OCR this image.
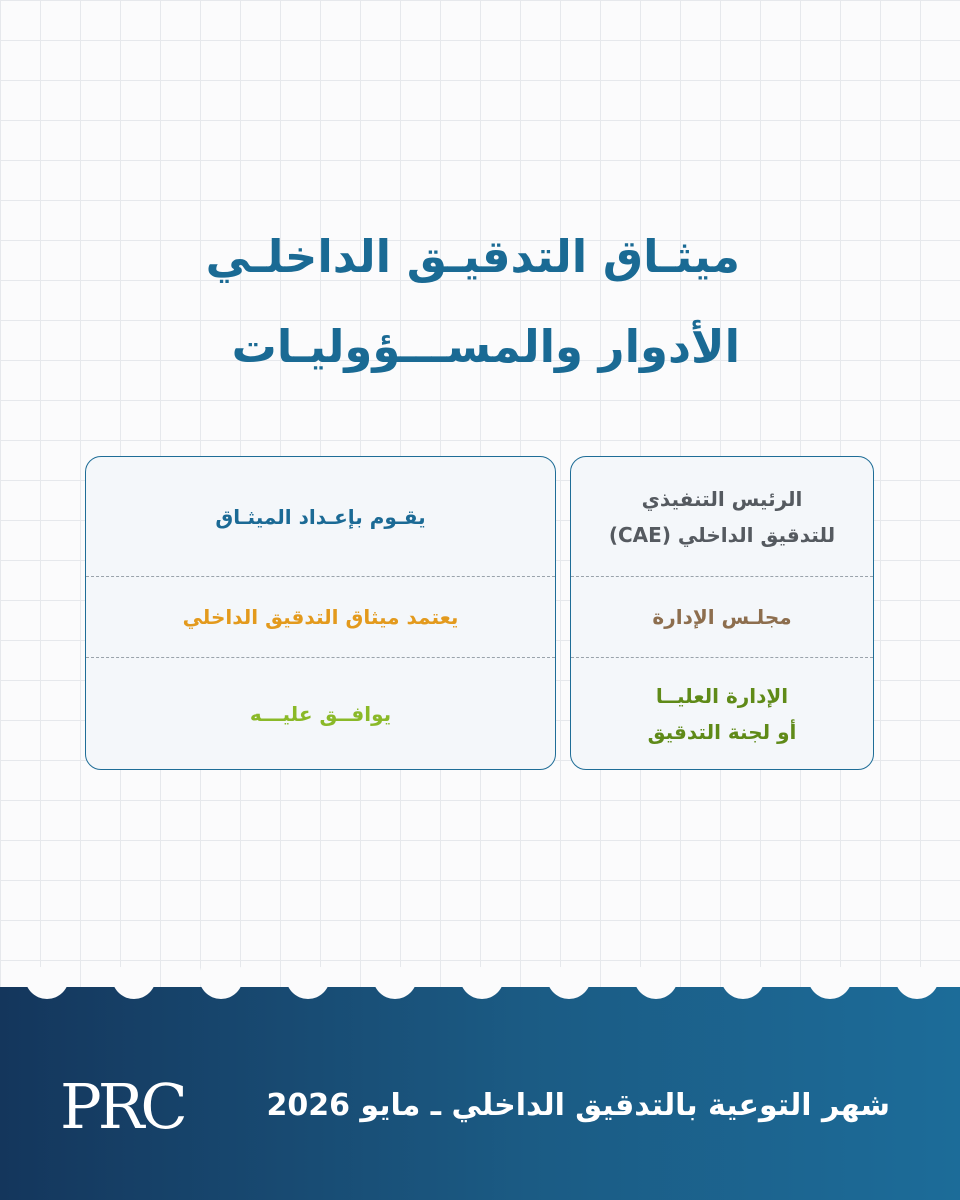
ميثـاق التدقيـق الداخلـي
الأدوار والمســـؤوليـات
الرئيس التنفيذي
للتدقيق الداخلي (CAE)
مجلـس الإدارة
الإدارة العليــا
أو لجنة التدقيق
يقـوم بإعـداد الميثـاق
يعتمد ميثاق التدقيق الداخلي
يوافــق عليـــه
PRC	شهر التوعية بالتدقيق الداخلي ـ مايو 2026
